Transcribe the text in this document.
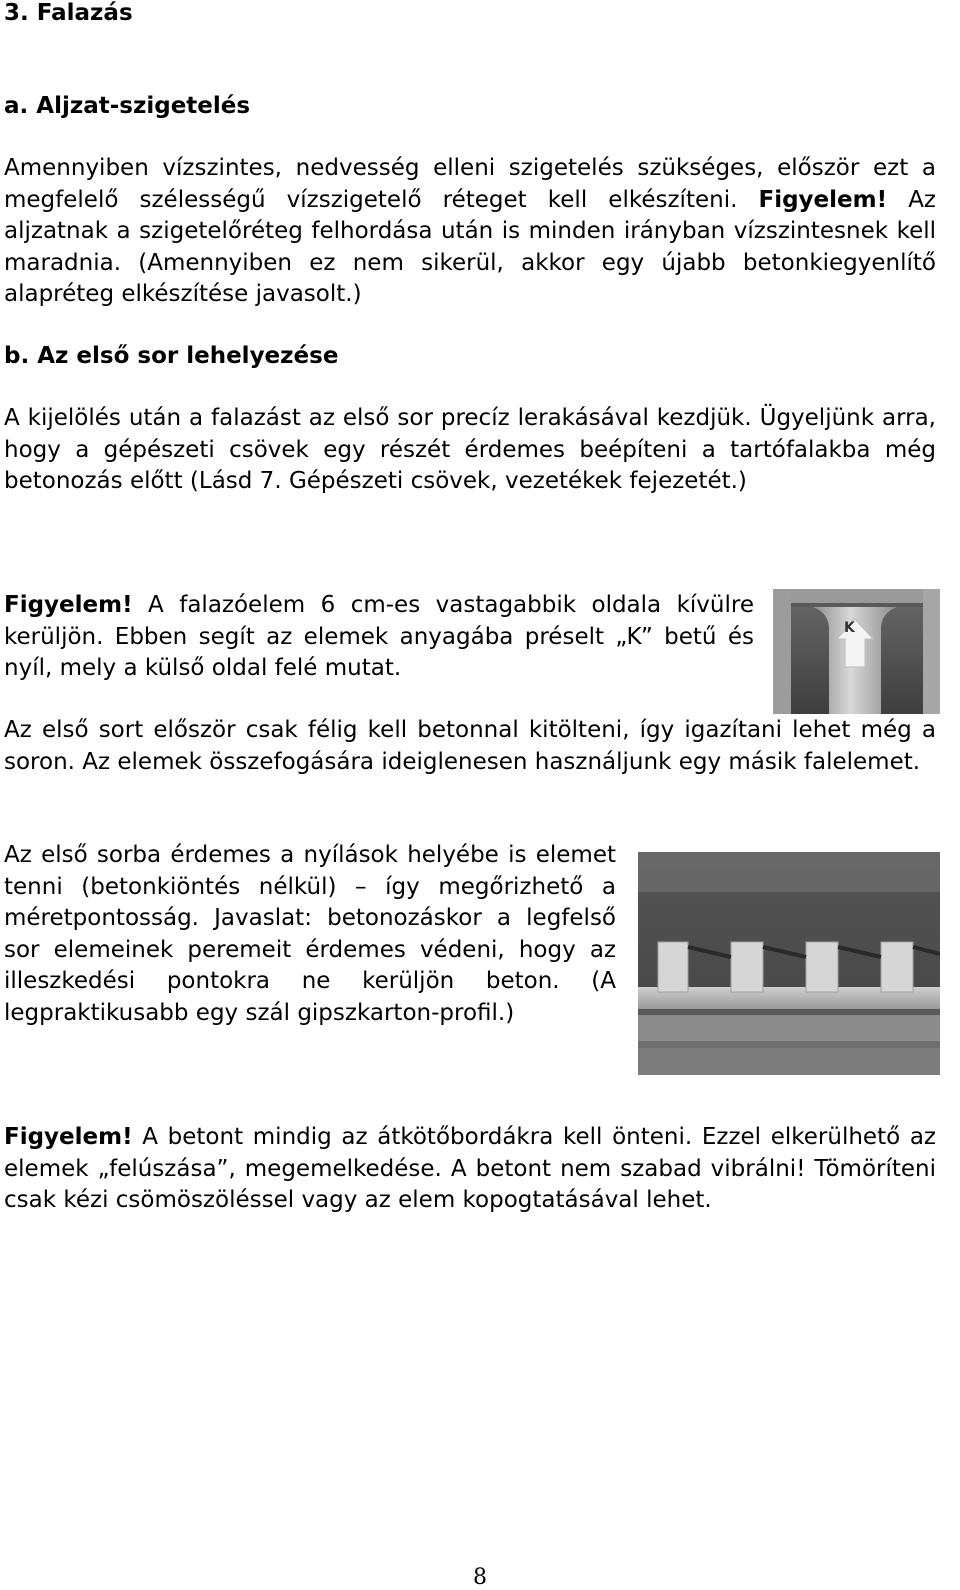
3. Falazás
a. Aljzat-szigetelés

Amennyiben vízszintes, nedvesség elleni szigetelés szükséges, először ezt a megfelelő szélességű vízszigetelő réteget kell elkészíteni. Figyelem! Az aljzatnak a szigetelőréteg felhordása után is minden irányban vízszintesnek kell maradnia. (Amennyiben ez nem sikerül, akkor egy újabb betonkiegyenlítő alapréteg elkészítése javasolt.)

b. Az első sor lehelyezése

A kijelölés után a falazást az első sor precíz lerakásával kezdjük. Ügyeljünk arra, hogy a gépészeti csövek egy részét érdemes beépíteni a tartófalakba még betonozás előtt (Lásd 7. Gépészeti csövek, vezetékek fejezetét.)

Figyelem! A falazóelem 6 cm-es vastagabbik oldala kívülre kerüljön. Ebben segít az elemek anyagába préselt „K” betű és nyíl, mely a külső oldal felé mutat.

K

Az első sort először csak félig kell betonnal kitölteni, így igazítani lehet még a soron. Az elemek összefogására ideiglenesen használjunk egy másik falelemet.

Az első sorba érdemes a nyílások helyébe is elemet tenni (betonkiöntés nélkül) – így megőrizhető a méretpontosság. Javaslat: betonozáskor a legfelső sor elemeinek peremeit érdemes védeni, hogy az illeszkedési pontokra ne kerüljön beton. (A legpraktikusabb egy szál gipszkarton-profil.)

Figyelem! A betont mindig az átkötőbordákra kell önteni. Ezzel elkerülhető az elemek „felúszása”, megemelkedése. A betont nem szabad vibrálni! Tömöríteni csak kézi csömöszöléssel vagy az elem kopogtatásával lehet.

8
